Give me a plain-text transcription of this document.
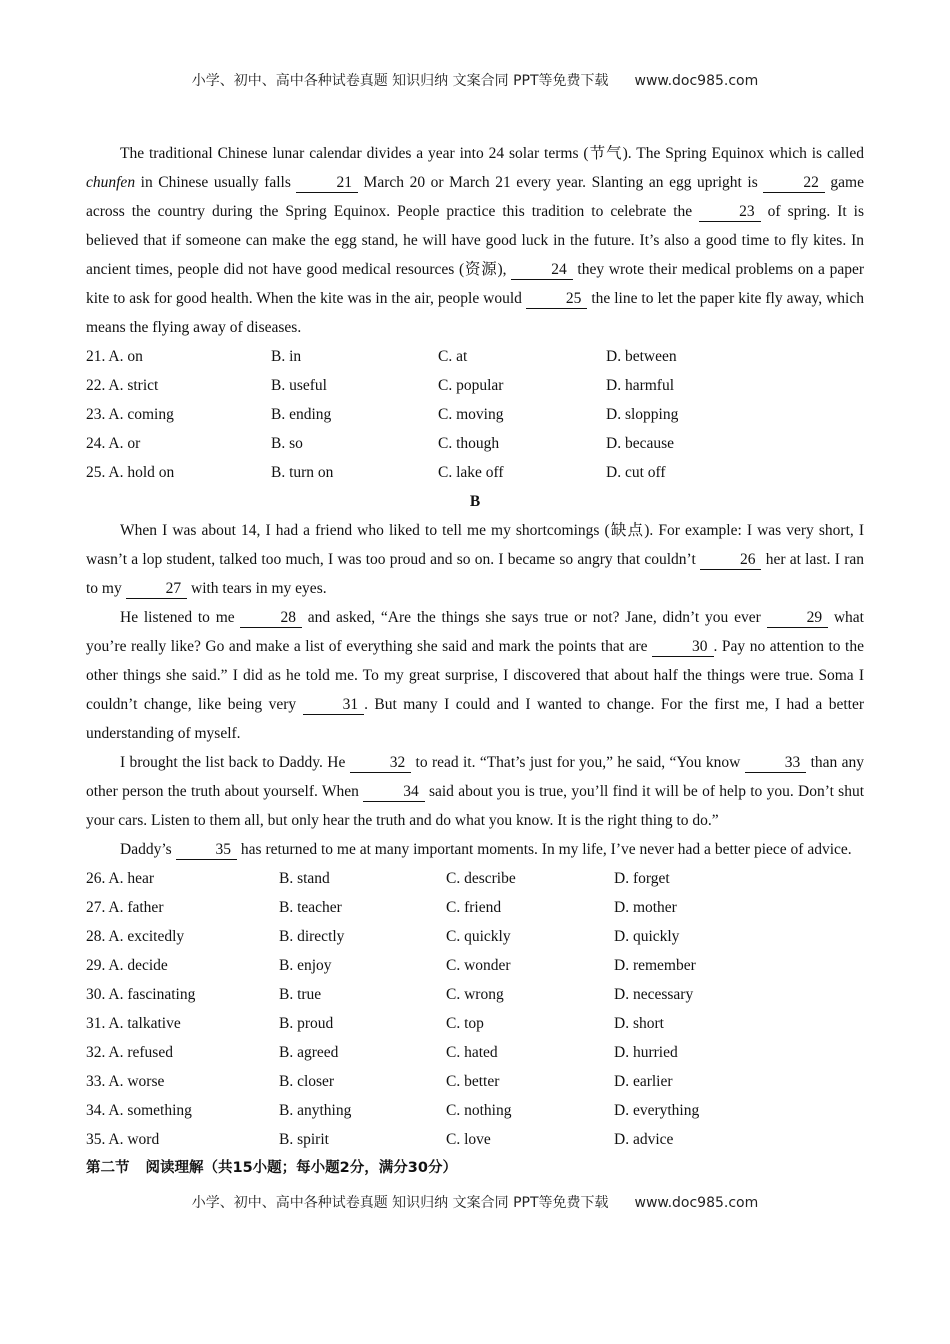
小学、初中、高中各种试卷真题 知识归纳 文案合同 PPT等免费下载 www.doc985.com

The traditional Chinese lunar calendar divides a year into 24 solar terms (节气). The Spring Equinox which is called chunfen in Chinese usually falls	21 March 20 or March 21 every year. Slanting an egg upright is	22 game across the country during the Spring Equinox. People practice this tradition to celebrate the	23 of spring. It is believed that if someone can make the egg stand, he will have good luck in the future. It’s also a good time to fly kites. In ancient times, people did not have good medical resources (资源),	24 they wrote their medical problems on a paper kite to ask for good health. When the kite was in the air, people would	25 the line to let the paper kite fly away, which means the flying away of diseases.

21. A. on	B. in	C. at	D. between
22. A. strict	B. useful	C. popular	D. harmful
23. A. coming	B. ending	C. moving	D. slopping
24. A. or	B. so	C. though	D. because
25. A. hold on	B. turn on	C. lake off	D. cut off
B

When I was about 14, I had a friend who liked to tell me my shortcomings (缺点). For example: I was very short, I wasn’t a lop student, talked too much, I was too proud and so on. I became so angry that couldn’t	26 her at last. I ran to my	27 with tears in my eyes.

He listened to me	28 and asked, “Are the things she says true or not? Jane, didn’t you ever	29 what you’re really like? Go and make a list of everything she said and mark the points that are	30 . Pay no attention to the other things she said.” I did as he told me. To my great surprise, I discovered that about half the things were true. Soma I couldn’t change, like being very	31 . But many I could and I wanted to change. For the first me, I had a better understanding of myself.

I brought the list back to Daddy. He	32 to read it. “That’s just for you,” he said, “You know	33 than any other person the truth about yourself. When	34 said about you is true, you’ll find it will be of help to you. Don’t shut your cars. Listen to them all, but only hear the truth and do what you know. It is the right thing to do.”

Daddy’s	35 has returned to me at many important moments. In my life, I’ve never had a better piece of advice.

26. A. hear	B. stand	C. describe	D. forget
27. A. father	B. teacher	C. friend	D. mother
28. A. excitedly	B. directly	C. quickly	D. quickly
29. A. decide	B. enjoy	C. wonder	D. remember
30. A. fascinating	B. true	C. wrong	D. necessary
31. A. talkative	B. proud	C. top	D. short
32. A. refused	B. agreed	C. hated	D. hurried
33. A. worse	B. closer	C. better	D. earlier
34. A. something	B. anything	C. nothing	D. everything
35. A. word	B. spirit	C. love	D. advice
第二节 阅读理解（共15小题；每小题2分，满分30分）
小学、初中、高中各种试卷真题 知识归纳 文案合同 PPT等免费下载 www.doc985.com
